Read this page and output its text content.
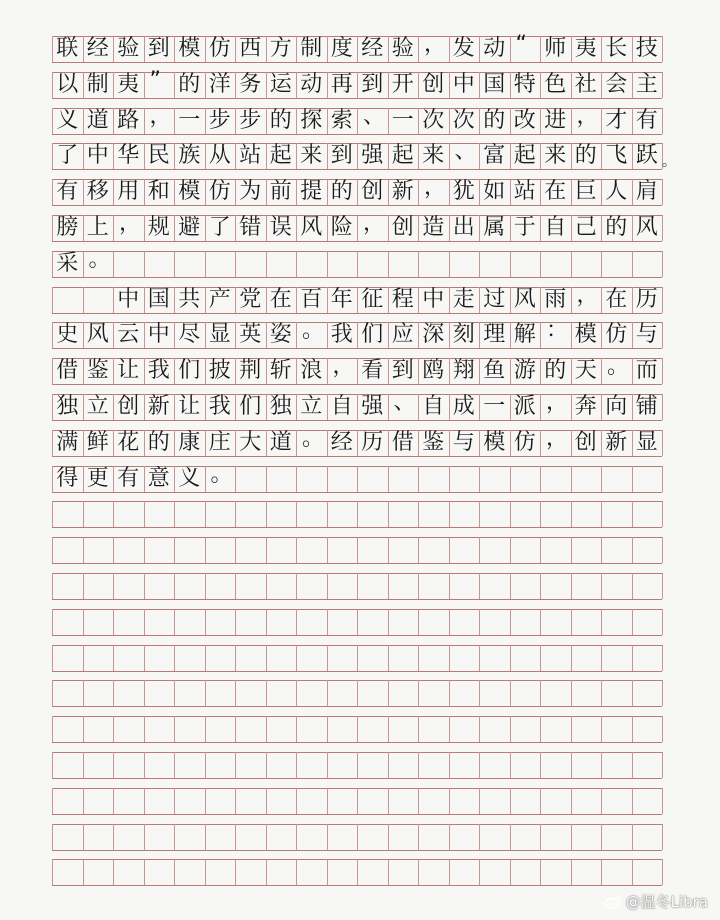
联 经 验 到 模 仿 西 方 制 度 经 验 ， 发 动 “ 师 夷 长 技
以 制 夷 ” 的 洋 务 运 动 再 到 开 创 中 国 特 色 社 会 主
义 道 路 ， 一 步 步 的 探 索 、 一 次 次 的 改 进 ， 才 有
了 中 华 民 族 从 站 起 来 到 强 起 来 、 富 起 来 的 飞 跃 。
有 移 用 和 模 仿 为 前 提 的 创 新 ， 犹 如 站 在 巨 人 肩
膀 上 ， 规 避 了 错 误 风 险 ， 创 造 出 属 于 自 己 的 风
采 。

中 国 共 产 党 在 百 年 征 程 中 走 过 风 雨 ， 在 历
史 风 云 中 尽 显 英 姿 。 我 们 应 深 刻 理 解 ： 模 仿 与
借 鉴 让 我 们 披 荆 斩 浪 ， 看 到 鸥 翔 鱼 游 的 天 。 而
独 立 创 新 让 我 们 独 立 自 强 、 自 成 一 派 ， 奔 向 铺
满 鲜 花 的 康 庄 大 道 。 经 历 借 鉴 与 模 仿 ， 创 新 显
得 更 有 意 义 。
@温冬Libra
